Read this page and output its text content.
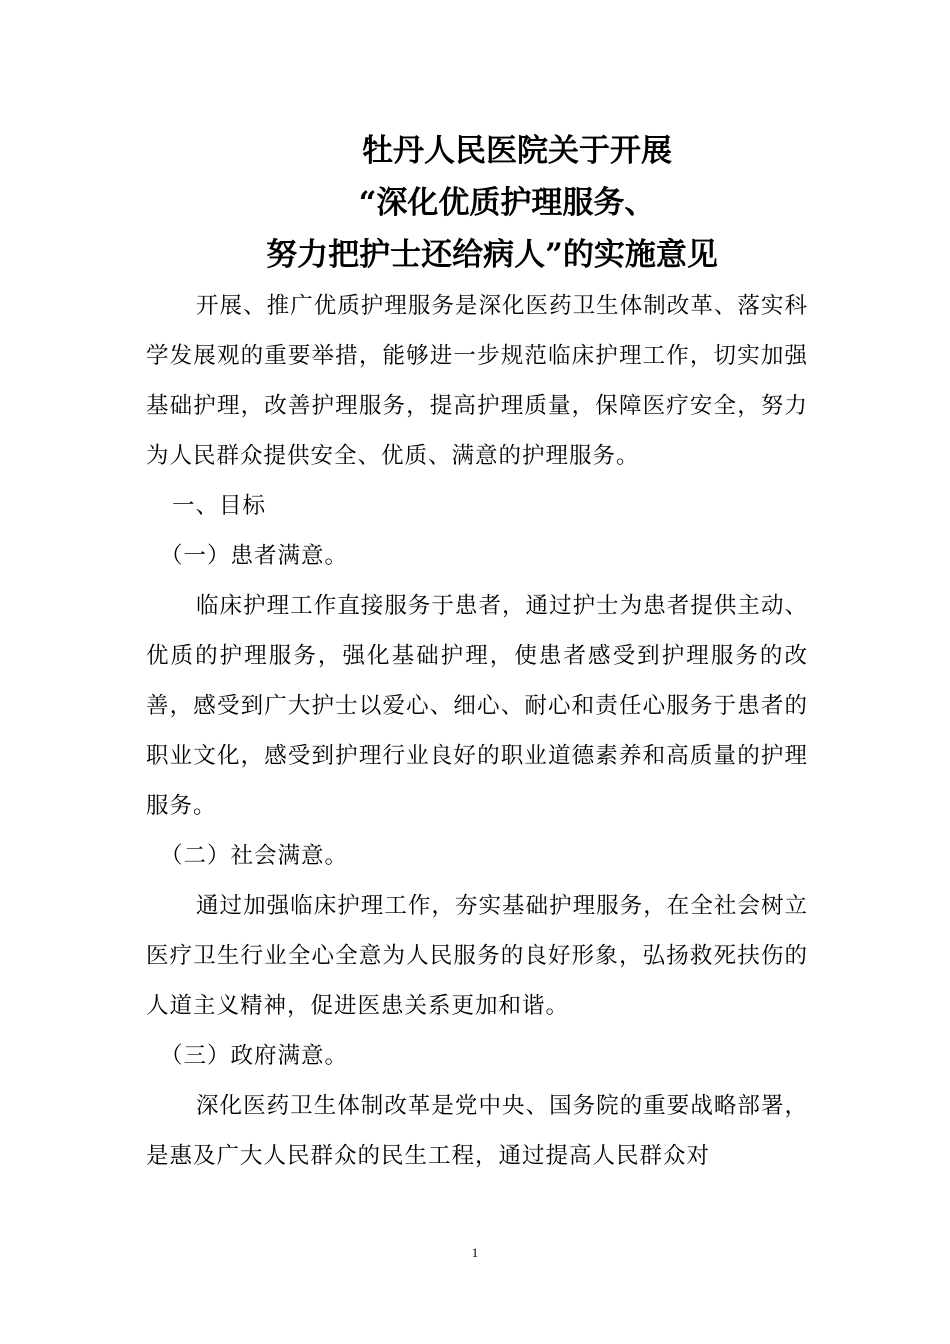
牡丹人民医院关于开展
“深化优质护理服务、
努力把护士还给病人”的实施意见

开展、推广优质护理服务是深化医药卫生体制改革、落实科学发展观的重要举措，能够进一步规范临床护理工作，切实加强基础护理，改善护理服务，提高护理质量，保障医疗安全，努力为人民群众提供安全、优质、满意的护理服务。

一、目标
（一）患者满意。

临床护理工作直接服务于患者，通过护士为患者提供主动、优质的护理服务，强化基础护理，使患者感受到护理服务的改善，感受到广大护士以爱心、细心、耐心和责任心服务于患者的职业文化，感受到护理行业良好的职业道德素养和高质量的护理服务。

（二）社会满意。

通过加强临床护理工作，夯实基础护理服务，在全社会树立医疗卫生行业全心全意为人民服务的良好形象，弘扬救死扶伤的人道主义精神，促进医患关系更加和谐。

（三）政府满意。

深化医药卫生体制改革是党中央、国务院的重要战略部署，是惠及广大人民群众的民生工程，通过提高人民群众对

1
